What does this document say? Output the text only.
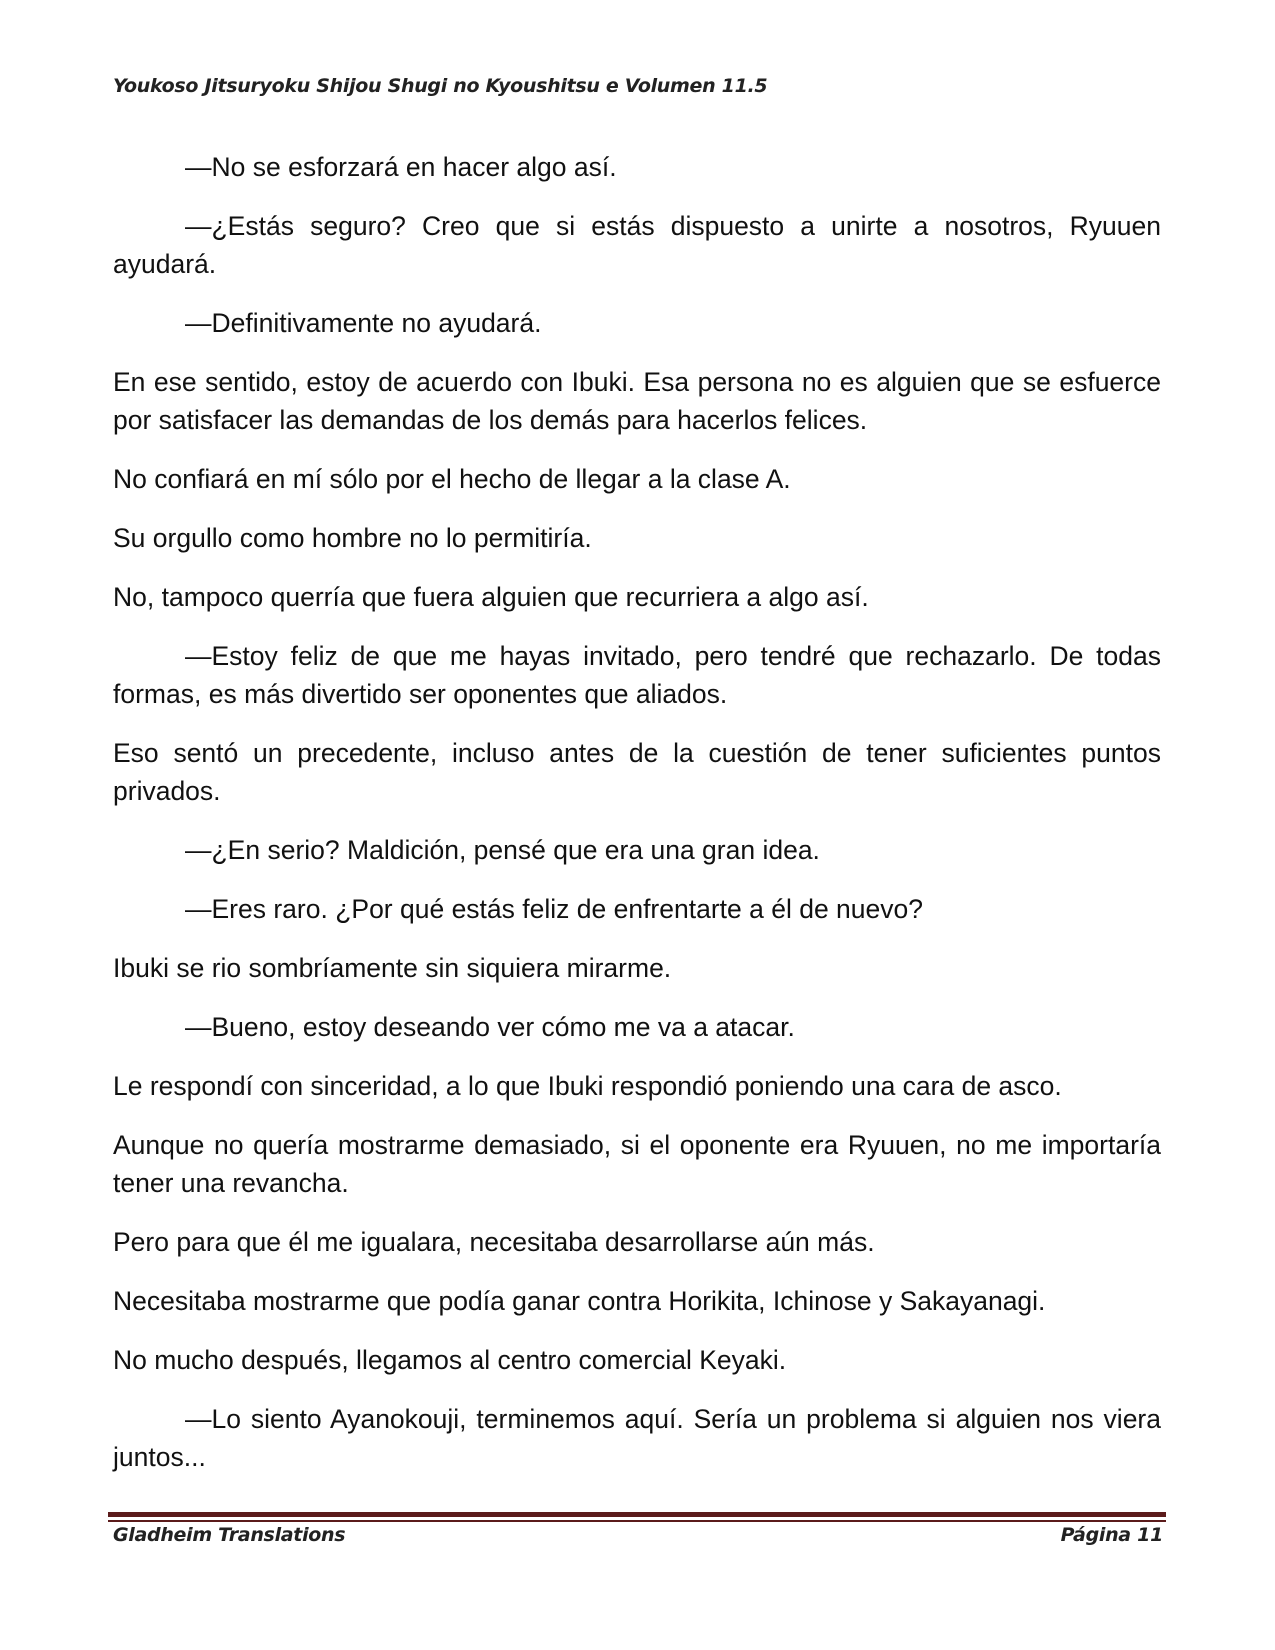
Youkoso Jitsuryoku Shijou Shugi no Kyoushitsu e Volumen 11.5

—No se esforzará en hacer algo así.

—¿Estás seguro? Creo que si estás dispuesto a unirte a nosotros, Ryuuen ayudará.

—Definitivamente no ayudará.

En ese sentido, estoy de acuerdo con Ibuki. Esa persona no es alguien que se esfuerce por satisfacer las demandas de los demás para hacerlos felices.

No confiará en mí sólo por el hecho de llegar a la clase A.

Su orgullo como hombre no lo permitiría.

No, tampoco querría que fuera alguien que recurriera a algo así.

—Estoy feliz de que me hayas invitado, pero tendré que rechazarlo. De todas formas, es más divertido ser oponentes que aliados.

Eso sentó un precedente, incluso antes de la cuestión de tener suficientes puntos privados.

—¿En serio? Maldición, pensé que era una gran idea.

—Eres raro. ¿Por qué estás feliz de enfrentarte a él de nuevo?

Ibuki se rio sombríamente sin siquiera mirarme.

—Bueno, estoy deseando ver cómo me va a atacar.

Le respondí con sinceridad, a lo que Ibuki respondió poniendo una cara de asco.

Aunque no quería mostrarme demasiado, si el oponente era Ryuuen, no me importaría tener una revancha.

Pero para que él me igualara, necesitaba desarrollarse aún más.

Necesitaba mostrarme que podía ganar contra Horikita, Ichinose y Sakayanagi.

No mucho después, llegamos al centro comercial Keyaki.

—Lo siento Ayanokouji, terminemos aquí. Sería un problema si alguien nos viera juntos...

Gladheim Translations	Página 11
